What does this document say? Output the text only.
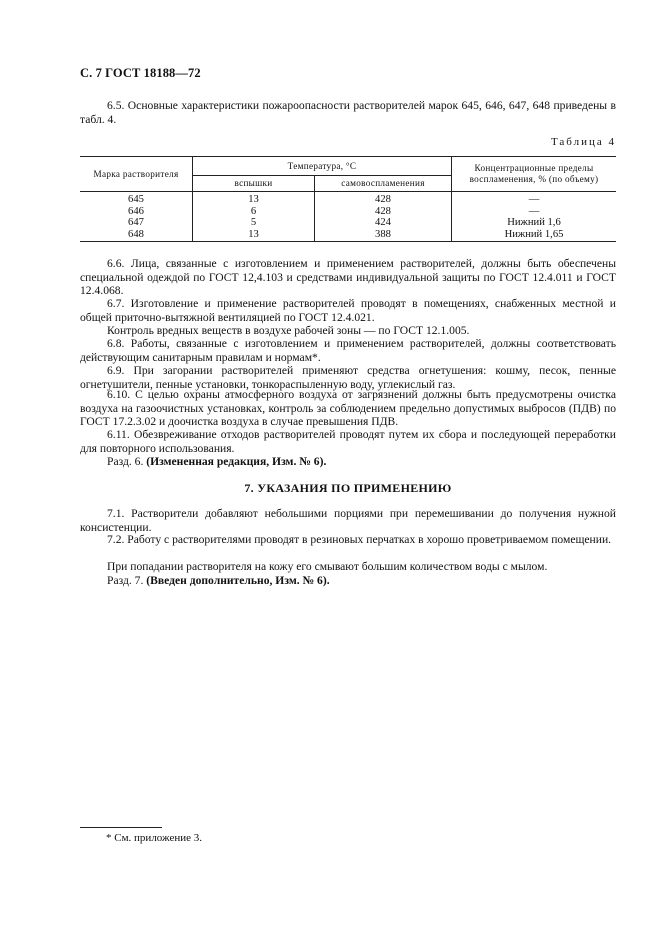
С. 7 ГОСТ 18188—72

6.5. Основные характеристики пожароопасности растворителей марок 645, 646, 647, 648 приведены в табл. 4.

Таблица 4
Марка растворителя	Температура, °С		Концентрационные пределы воспламенения, % (по объему)
	вспышки	самовоспламенения	
645	13	428	—
646	6	428	—
647	5	424	Нижний 1,6
648	13	388	Нижний 1,65

6.6. Лица, связанные с изготовлением и применением растворителей, должны быть обеспечены специальной одеждой по ГОСТ 12,4.103 и средствами индивидуальной защиты по ГОСТ 12.4.011 и ГОСТ 12.4.068.

6.7. Изготовление и применение растворителей проводят в помещениях, снабженных местной и общей приточно-вытяжной вентиляцией по ГОСТ 12.4.021.

Контроль вредных веществ в воздухе рабочей зоны — по ГОСТ 12.1.005.

6.8. Работы, связанные с изготовлением и применением растворителей, должны соответствовать действующим санитарным правилам и нормам*.

6.9. При загорании растворителей применяют средства огнетушения: кошму, песок, пенные огнетушители, пенные установки, тонкораспыленную воду, углекислый газ.

6.10. С целью охраны атмосферного воздуха от загрязнений должны быть предусмотрены очистка воздуха на газоочистных установках, контроль за соблюдением предельно допустимых выбросов (ПДВ) по ГОСТ 17.2.3.02 и доочистка воздуха в случае превышения ПДВ.

6.11. Обезвреживание отходов растворителей проводят путем их сбора и последующей переработки для повторного использования.

Разд. 6. (Измененная редакция, Изм. № 6).

7. УКАЗАНИЯ ПО ПРИМЕНЕНИЮ

7.1. Растворители добавляют небольшими порциями при перемешивании до получения нужной консистенции.

7.2. Работу с растворителями проводят в резиновых перчатках в хорошо проветриваемом помещении.

При попадании растворителя на кожу его смывают большим количеством воды с мылом.

Разд. 7. (Введен дополнительно, Изм. № 6).

* См. приложение 3.
